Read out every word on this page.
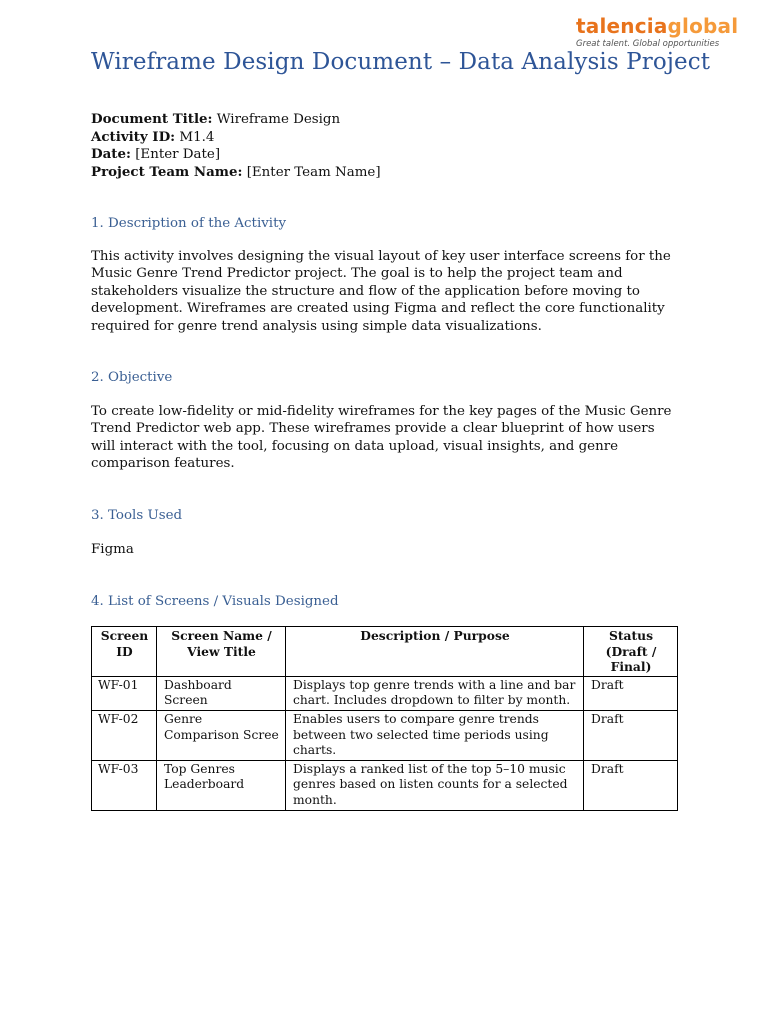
talenciaglobal
Great talent. Global opportunities
Wireframe Design Document – Data Analysis Project
Document Title: Wireframe Design
Activity ID: M1.4
Date: [Enter Date]
Project Team Name: [Enter Team Name]
1. Description of the Activity
This activity involves designing the visual layout of key user interface screens for the Music Genre Trend Predictor project. The goal is to help the project team and stakeholders visualize the structure and flow of the application before moving to development. Wireframes are created using Figma and reflect the core functionality required for genre trend analysis using simple data visualizations.
2. Objective
To create low-fidelity or mid-fidelity wireframes for the key pages of the Music Genre Trend Predictor web app. These wireframes provide a clear blueprint of how users will interact with the tool, focusing on data upload, visual insights, and genre comparison features.
3. Tools Used
Figma
4. List of Screens / Visuals Designed
Screen ID	Screen Name / View Title	Description / Purpose	Status (Draft / Final)
WF-01	Dashboard Screen	Displays top genre trends with a line and bar chart. Includes dropdown to filter by month.	Draft
WF-02	Genre Comparison Scree	Enables users to compare genre trends between two selected time periods using charts.	Draft
WF-03	Top Genres Leaderboard	Displays a ranked list of the top 5–10 music genres based on listen counts for a selected month.	Draft
